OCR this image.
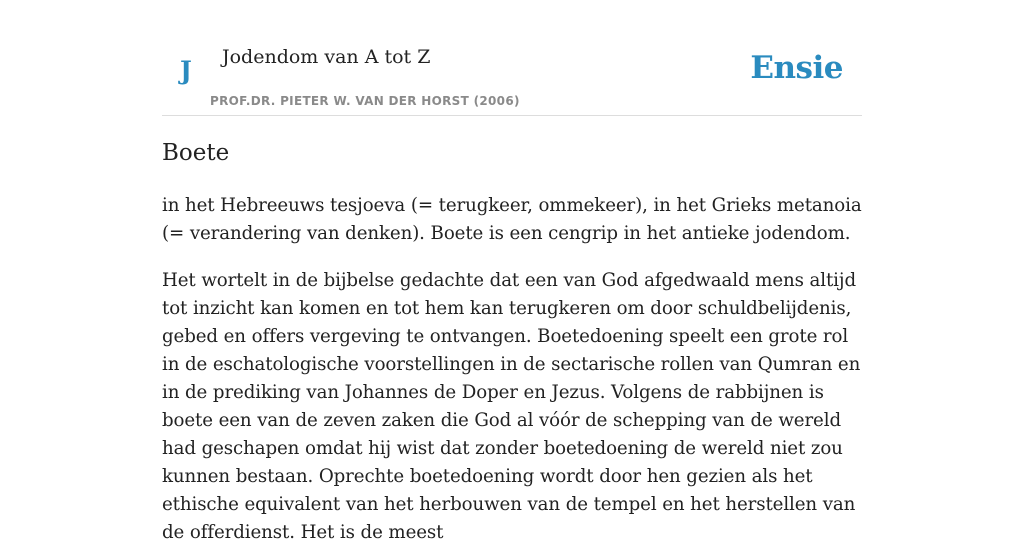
J Jodendom van A tot Z
PROF.DR. PIETER W. VAN DER HORST (2006)
Ensie
Boete

in het Hebreeuws tesjoeva (= terugkeer, ommekeer), in het Grieks metanoia (= verandering van denken). Boete is een cengrip in het antieke jodendom.

Het wortelt in de bijbelse gedachte dat een van God afgedwaald mens altijd tot inzicht kan komen en tot hem kan terugkeren om door schuldbelijdenis, gebed en offers vergeving te ontvangen. Boetedoening speelt een grote rol in de eschatologische voorstellingen in de sectarische rollen van Qumran en in de prediking van Johannes de Doper en Jezus. Volgens de rabbijnen is boete een van de zeven zaken die God al vóór de schepping van de wereld had geschapen omdat hij wist dat zonder boetedoening de wereld niet zou kunnen bestaan. Oprechte boetedoening wordt door hen gezien als het ethische equivalent van het herbouwen van de tempel en het herstellen van de offerdienst. Het is de meest
